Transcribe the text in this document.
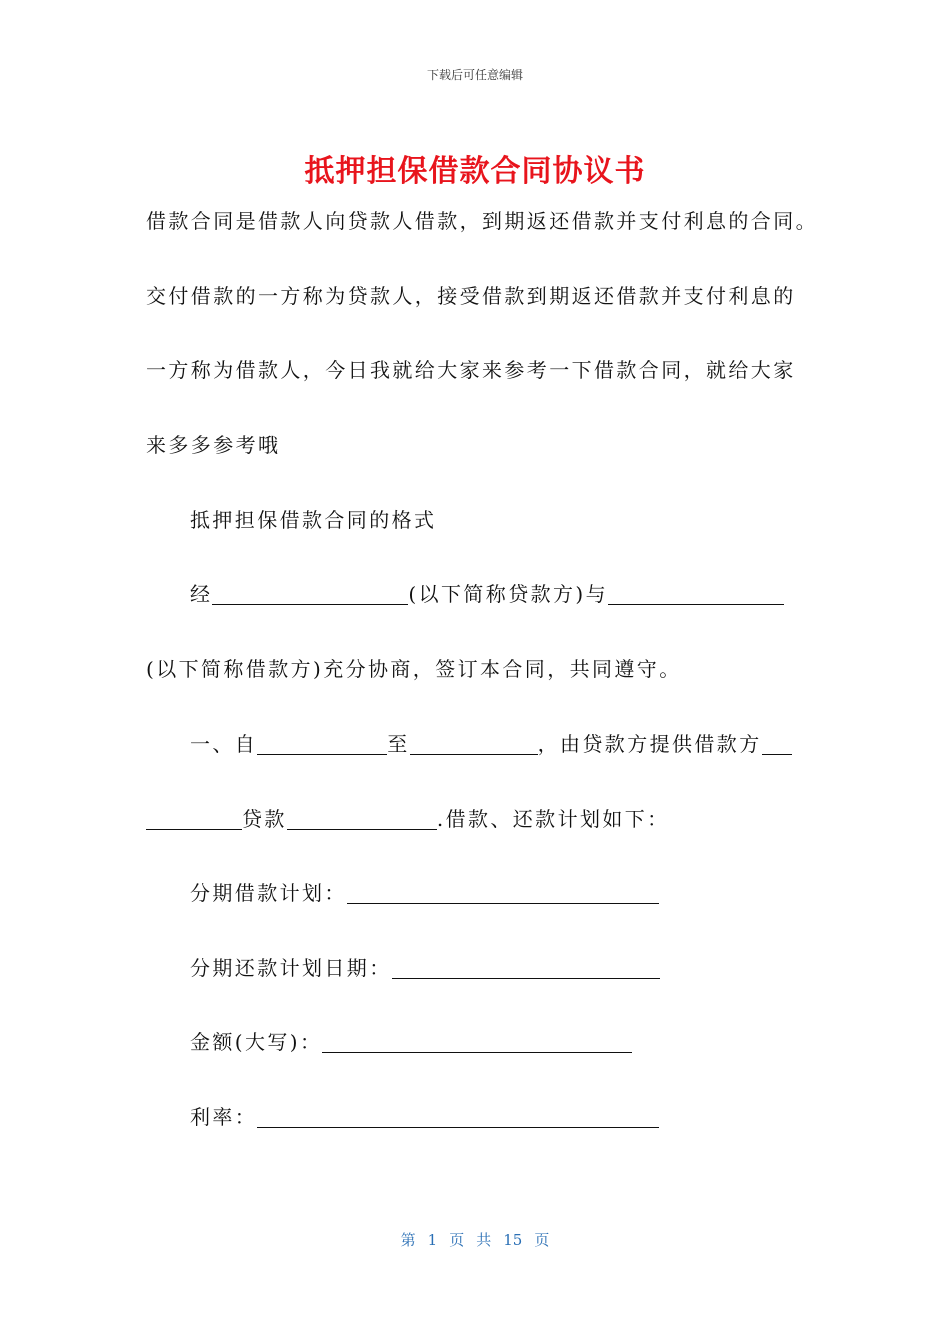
下载后可任意编辑
抵押担保借款合同协议书
借款合同是借款人向贷款人借款，到期返还借款并支付利息的合同。
交付借款的一方称为贷款人，接受借款到期返还借款并支付利息的
一方称为借款人，今日我就给大家来参考一下借款合同，就给大家
来多多参考哦
抵押担保借款合同的格式
经	(以下简称贷款方)与
(以下简称借款方)充分协商，签订本合同，共同遵守。
一、自	至	，由贷款方提供借款方
贷款	.借款、还款计划如下：
分期借款计划：
分期还款计划日期：
金额(大写)：
利率：
第 1 页 共 15 页
